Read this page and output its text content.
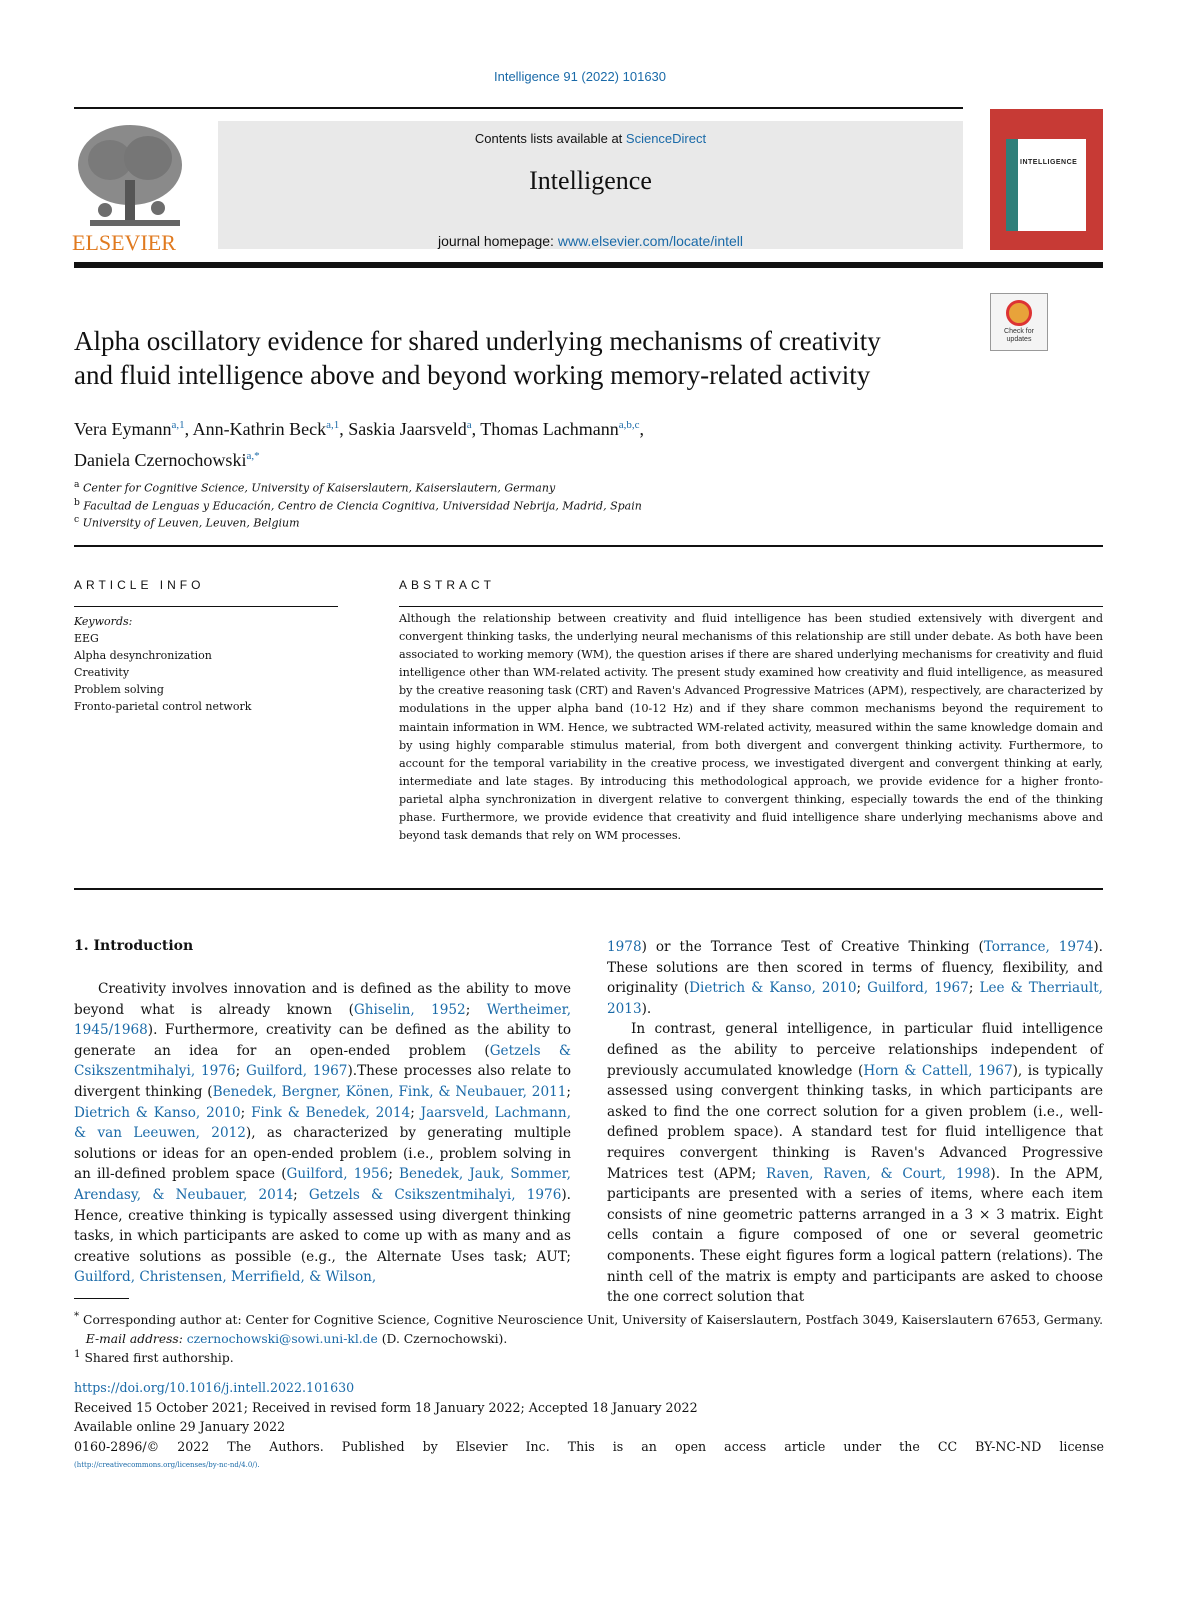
Intelligence 91 (2022) 101630
ELSEVIER
Contents lists available at ScienceDirect
Intelligence
journal homepage: www.elsevier.com/locate/intell
INTELLIGENCE
Check for updates
Alpha oscillatory evidence for shared underlying mechanisms of creativity
and fluid intelligence above and beyond working memory-related activity
Vera Eymann$^{a,1}$, Ann-Kathrin Beck$^{a,1}$, Saskia Jaarsveld$^a$, Thomas Lachmann$^{a,b,c}$,
Daniela Czernochowski$^{a,*}$
$^a$ Center for Cognitive Science, University of Kaiserslautern, Kaiserslautern, Germany
$^b$ Facultad de Lenguas y Educación, Centro de Ciencia Cognitiva, Universidad Nebrija, Madrid, Spain
$^c$ University of Leuven, Leuven, Belgium
ARTICLE INFO
Keywords:
EEG
Alpha desynchronization
Creativity
Problem solving
Fronto-parietal control network
ABSTRACT
Although the relationship between creativity and fluid intelligence has been studied extensively with divergent and convergent thinking tasks, the underlying neural mechanisms of this relationship are still under debate. As both have been associated to working memory (WM), the question arises if there are shared underlying mechanisms for creativity and fluid intelligence other than WM-related activity. The present study examined how creativity and fluid intelligence, as measured by the creative reasoning task (CRT) and Raven's Advanced Progressive Matrices (APM), respectively, are characterized by modulations in the upper alpha band (10-12 Hz) and if they share common mechanisms beyond the requirement to maintain information in WM. Hence, we subtracted WM-related activity, measured within the same knowledge domain and by using highly comparable stimulus material, from both divergent and convergent thinking activity. Furthermore, to account for the temporal variability in the creative process, we investigated divergent and convergent thinking at early, intermediate and late stages. By introducing this methodological approach, we provide evidence for a higher fronto-parietal alpha synchronization in divergent relative to convergent thinking, especially towards the end of the thinking phase. Furthermore, we provide evidence that creativity and fluid intelligence share underlying mechanisms above and beyond task demands that rely on WM processes.
1. Introduction

Creativity involves innovation and is defined as the ability to move beyond what is already known (Ghiselin, 1952; Wertheimer, 1945/1968). Furthermore, creativity can be defined as the ability to generate an idea for an open-ended problem (Getzels & Csikszentmihalyi, 1976; Guilford, 1967).These processes also relate to divergent thinking (Benedek, Bergner, Könen, Fink, & Neubauer, 2011; Dietrich & Kanso, 2010; Fink & Benedek, 2014; Jaarsveld, Lachmann, & van Leeuwen, 2012), as characterized by generating multiple solutions or ideas for an open-ended problem (i.e., problem solving in an ill-defined problem space (Guilford, 1956; Benedek, Jauk, Sommer, Arendasy, & Neubauer, 2014; Getzels & Csikszentmihalyi, 1976). Hence, creative thinking is typically assessed using divergent thinking tasks, in which participants are asked to come up with as many and as creative solutions as possible (e.g., the Alternate Uses task; AUT; Guilford, Christensen, Merrifield, & Wilson,

1978) or the Torrance Test of Creative Thinking (Torrance, 1974). These solutions are then scored in terms of fluency, flexibility, and originality (Dietrich & Kanso, 2010; Guilford, 1967; Lee & Therriault, 2013).

In contrast, general intelligence, in particular fluid intelligence defined as the ability to perceive relationships independent of previously accumulated knowledge (Horn & Cattell, 1967), is typically assessed using convergent thinking tasks, in which participants are asked to find the one correct solution for a given problem (i.e., well-defined problem space). A standard test for fluid intelligence that requires convergent thinking is Raven's Advanced Progressive Matrices test (APM; Raven, Raven, & Court, 1998). In the APM, participants are presented with a series of items, where each item consists of nine geometric patterns arranged in a 3 × 3 matrix. Eight cells contain a figure composed of one or several geometric components. These eight figures form a logical pattern (relations). The ninth cell of the matrix is empty and participants are asked to choose the one correct solution that

* Corresponding author at: Center for Cognitive Science, Cognitive Neuroscience Unit, University of Kaiserslautern, Postfach 3049, Kaiserslautern 67653, Germany.
E-mail address: czernochowski@sowi.uni-kl.de (D. Czernochowski).
$^1$ Shared first authorship.
https://doi.org/10.1016/j.intell.2022.101630
Received 15 October 2021; Received in revised form 18 January 2022; Accepted 18 January 2022
Available online 29 January 2022
0160-2896/© 2022 The Authors. Published by Elsevier Inc. This is an open access article under the CC BY-NC-ND license
(http://creativecommons.org/licenses/by-nc-nd/4.0/).
